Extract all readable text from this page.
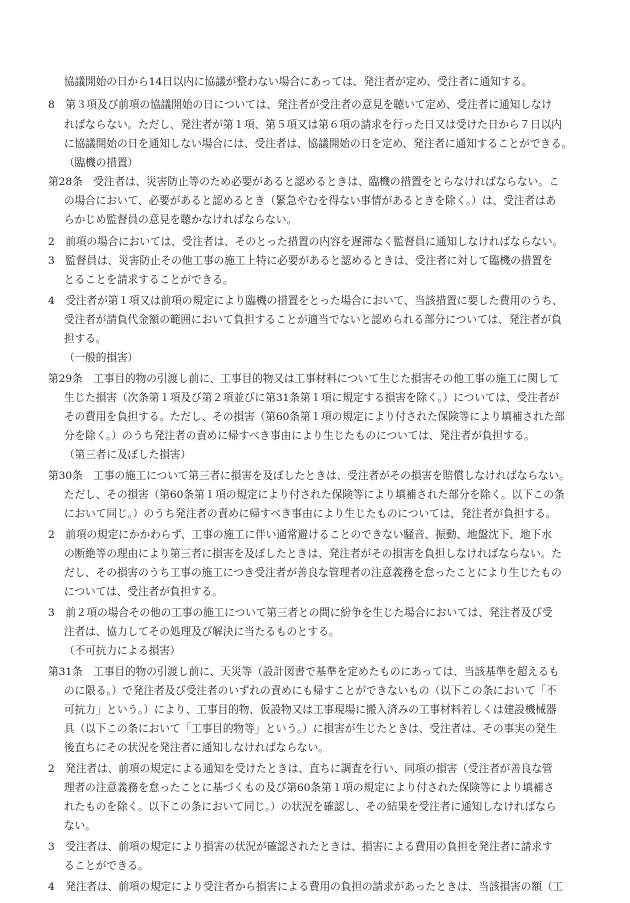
協議開始の日から14日以内に協議が整わない場合にあっては、発注者が定め、受注者に通知する。
8　第３項及び前項の協議開始の日については、発注者が受注者の意見を聴いて定め、受注者に通知しなけ
ればならない。ただし、発注者が第１項、第５項又は第６項の請求を行った日又は受けた日から７日以内
に協議開始の日を通知しない場合には、受注者は、協議開始の日を定め、発注者に通知することができる。
（臨機の措置）
第28条　受注者は、災害防止等のため必要があると認めるときは、臨機の措置をとらなければならない。こ
の場合において、必要があると認めるとき（緊急やむを得ない事情があるときを除く。）は、受注者はあ
らかじめ監督員の意見を聴かなければならない。
2　前項の場合においては、受注者は、そのとった措置の内容を遅滞なく監督員に通知しなければならない。
3　監督員は、災害防止その他工事の施工上特に必要があると認めるときは、受注者に対して臨機の措置を
とることを請求することができる。
4　受注者が第１項又は前項の規定により臨機の措置をとった場合において、当該措置に要した費用のうち、
受注者が請負代金額の範囲において負担することが適当でないと認められる部分については、発注者が負
担する。
（一般的損害）
第29条　工事目的物の引渡し前に、工事目的物又は工事材料について生じた損害その他工事の施工に関して
生じた損害（次条第１項及び第２項並びに第31条第１項に規定する損害を除く。）については、受注者が
その費用を負担する。ただし、その損害（第60条第１項の規定により付された保険等により填補された部
分を除く。）のうち発注者の責めに帰すべき事由により生じたものについては、発注者が負担する。
（第三者に及ぼした損害）
第30条　工事の施工について第三者に損害を及ぼしたときは、受注者がその損害を賠償しなければならない。
ただし、その損害（第60条第１項の規定により付された保険等により填補された部分を除く。以下この条
において同じ。）のうち発注者の責めに帰すべき事由により生じたものについては、発注者が負担する。
2　前項の規定にかかわらず、工事の施工に伴い通常避けることのできない騒音、振動、地盤沈下、地下水
の断絶等の理由により第三者に損害を及ぼしたときは、発注者がその損害を負担しなければならない。た
だし、その損害のうち工事の施工につき受注者が善良な管理者の注意義務を怠ったことにより生じたもの
については、受注者が負担する。
3　前２項の場合その他の工事の施工について第三者との間に紛争を生じた場合においては、発注者及び受
注者は、協力してその処理及び解決に当たるものとする。
（不可抗力による損害）
第31条　工事目的物の引渡し前に、天災等（設計図書で基準を定めたものにあっては、当該基準を超えるも
のに限る。）で発注者及び受注者のいずれの責めにも帰すことができないもの（以下この条において「不
可抗力」という。）により、工事目的物、仮設物又は工事現場に搬入済みの工事材料若しくは建設機械器
具（以下この条において「工事目的物等」という。）に損害が生じたときは、受注者は、その事実の発生
後直ちにその状況を発注者に通知しなければならない。
2　発注者は、前項の規定による通知を受けたときは、直ちに調査を行い、同項の損害（受注者が善良な管
理者の注意義務を怠ったことに基づくもの及び第60条第１項の規定により付された保険等により填補さ
れたものを除く。以下この条において同じ。）の状況を確認し、その結果を受注者に通知しなければなら
ない。
3　受注者は、前項の規定により損害の状況が確認されたときは、損害による費用の負担を発注者に請求す
ることができる。
4　発注者は、前項の規定により受注者から損害による費用の負担の請求があったときは、当該損害の額（工
